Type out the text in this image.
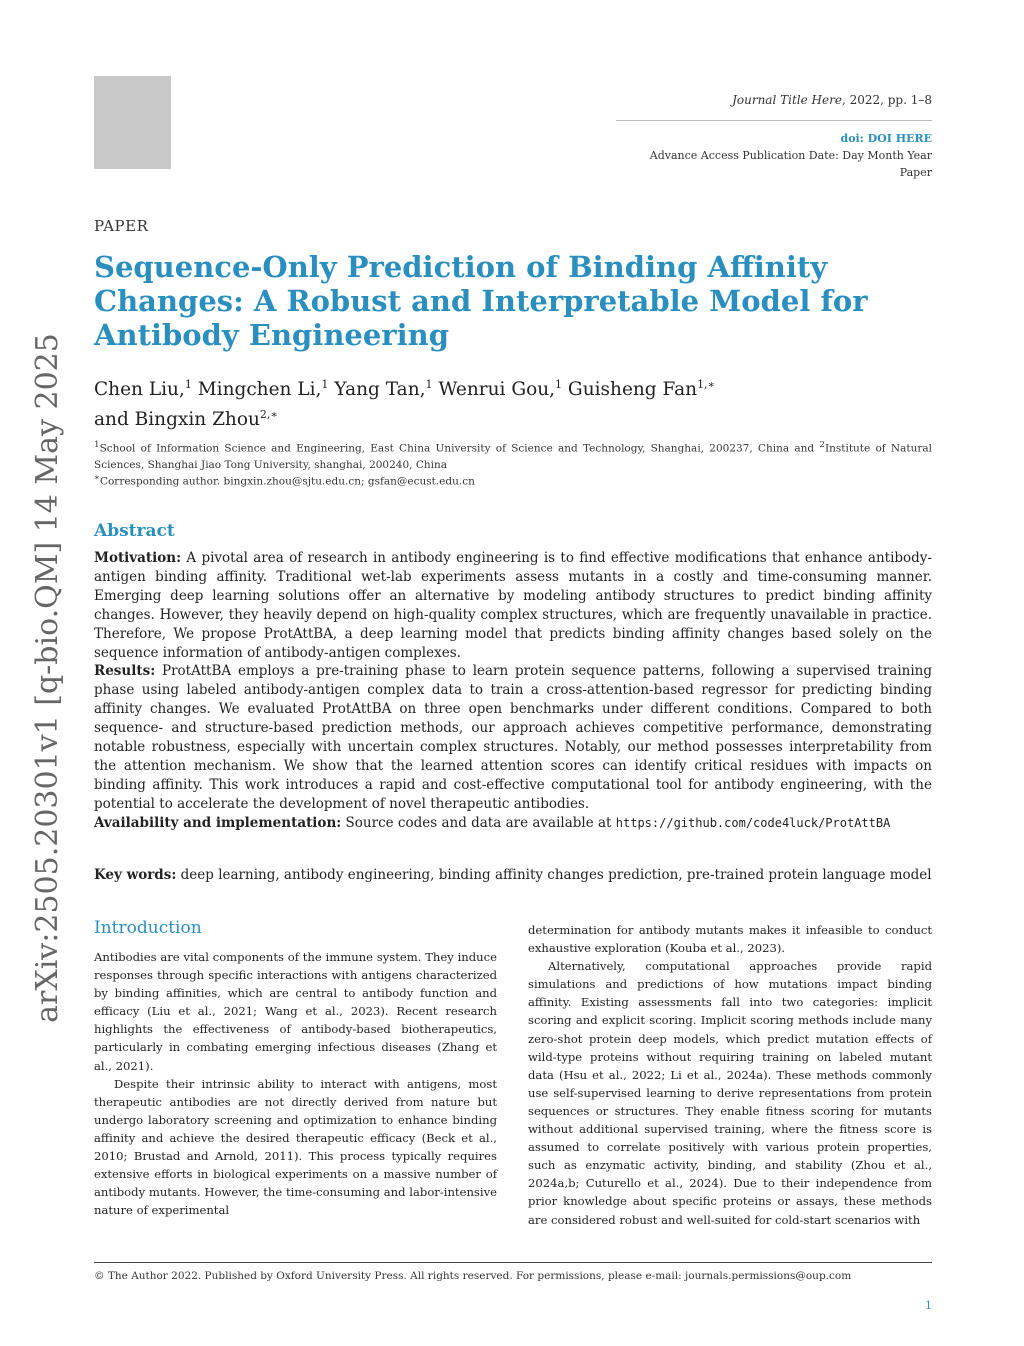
Journal Title Here, 2022, pp. 1–8
doi: DOI HERE
Advance Access Publication Date: Day Month Year
Paper
PAPER
Sequence-Only Prediction of Binding Affinity Changes: A Robust and Interpretable Model for Antibody Engineering
Chen Liu,$^1$ Mingchen Li,$^1$ Yang Tan,$^1$ Wenrui Gou,$^1$ Guisheng Fan$^{1,∗}$
and Bingxin Zhou$^{2,∗}$
$^1$School of Information Science and Engineering, East China University of Science and Technology, Shanghai, 200237, China and $^2$Institute of Natural Sciences, Shanghai Jiao Tong University, shanghai, 200240, China
∗Corresponding author. bingxin.zhou@sjtu.edu.cn; gsfan@ecust.edu.cn
Abstract

Motivation: A pivotal area of research in antibody engineering is to find effective modifications that enhance antibody-antigen binding affinity. Traditional wet-lab experiments assess mutants in a costly and time-consuming manner. Emerging deep learning solutions offer an alternative by modeling antibody structures to predict binding affinity changes. However, they heavily depend on high-quality complex structures, which are frequently unavailable in practice. Therefore, We propose ProtAttBA, a deep learning model that predicts binding affinity changes based solely on the sequence information of antibody-antigen complexes.

Results: ProtAttBA employs a pre-training phase to learn protein sequence patterns, following a supervised training phase using labeled antibody-antigen complex data to train a cross-attention-based regressor for predicting binding affinity changes. We evaluated ProtAttBA on three open benchmarks under different conditions. Compared to both sequence- and structure-based prediction methods, our approach achieves competitive performance, demonstrating notable robustness, especially with uncertain complex structures. Notably, our method possesses interpretability from the attention mechanism. We show that the learned attention scores can identify critical residues with impacts on binding affinity. This work introduces a rapid and cost-effective computational tool for antibody engineering, with the potential to accelerate the development of novel therapeutic antibodies.

Availability and implementation: Source codes and data are available at https://github.com/code4luck/ProtAttBA

Key words: deep learning, antibody engineering, binding affinity changes prediction, pre-trained protein language model
Introduction

Antibodies are vital components of the immune system. They induce responses through specific interactions with antigens characterized by binding affinities, which are central to antibody function and efficacy (Liu et al., 2021; Wang et al., 2023). Recent research highlights the effectiveness of antibody-based biotherapeutics, particularly in combating emerging infectious diseases (Zhang et al., 2021).

Despite their intrinsic ability to interact with antigens, most therapeutic antibodies are not directly derived from nature but undergo laboratory screening and optimization to enhance binding affinity and achieve the desired therapeutic efficacy (Beck et al., 2010; Brustad and Arnold, 2011). This process typically requires extensive efforts in biological experiments on a massive number of antibody mutants. However, the time-consuming and labor-intensive nature of experimental

determination for antibody mutants makes it infeasible to conduct exhaustive exploration (Kouba et al., 2023).

Alternatively, computational approaches provide rapid simulations and predictions of how mutations impact binding affinity. Existing assessments fall into two categories: implicit scoring and explicit scoring. Implicit scoring methods include many zero-shot protein deep models, which predict mutation effects of wild-type proteins without requiring training on labeled mutant data (Hsu et al., 2022; Li et al., 2024a). These methods commonly use self-supervised learning to derive representations from protein sequences or structures. They enable fitness scoring for mutants without additional supervised training, where the fitness score is assumed to correlate positively with various protein properties, such as enzymatic activity, binding, and stability (Zhou et al., 2024a,b; Cuturello et al., 2024). Due to their independence from prior knowledge about specific proteins or assays, these methods are considered robust and well-suited for cold-start scenarios with

© The Author 2022. Published by Oxford University Press. All rights reserved. For permissions, please e-mail: journals.permissions@oup.com
1
arXiv:2505.20301v1 [q-bio.QM] 14 May 2025
